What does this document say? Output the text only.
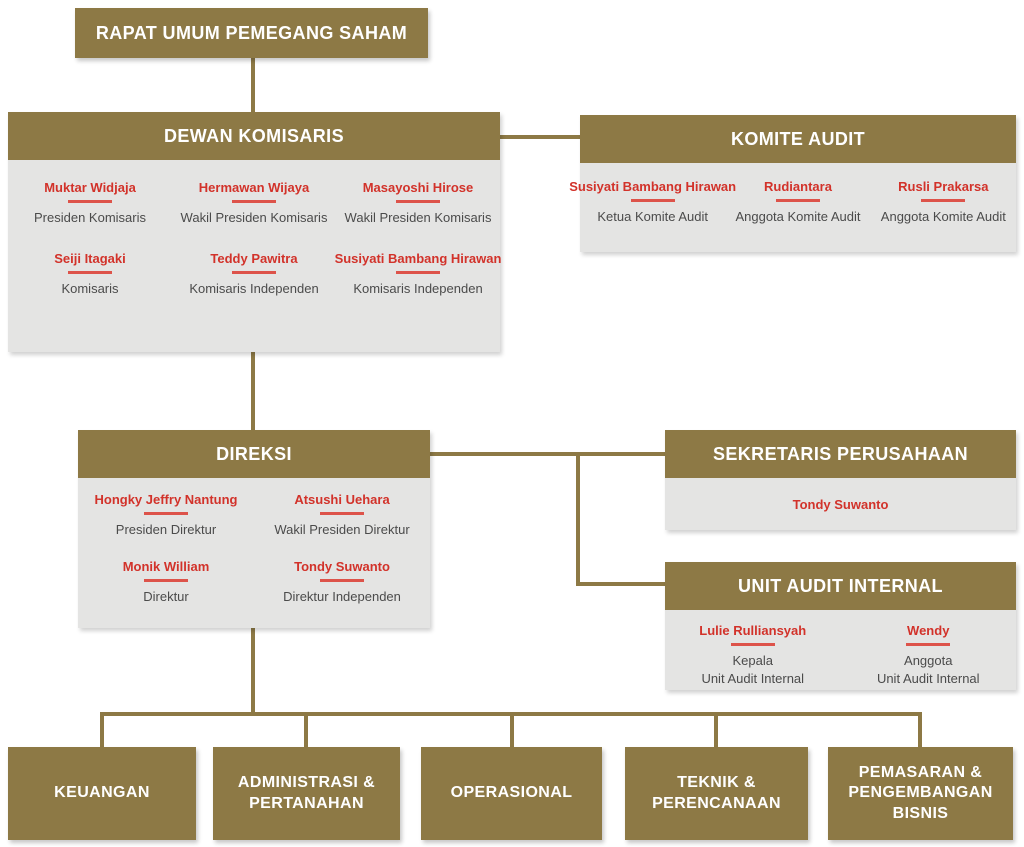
RAPAT UMUM PEMEGANG SAHAM
DEWAN KOMISARIS
Muktar Widjaja
Presiden Komisaris
Hermawan Wijaya
Wakil Presiden Komisaris
Masayoshi Hirose
Wakil Presiden Komisaris
Seiji Itagaki
Komisaris
Teddy Pawitra
Komisaris Independen
Susiyati Bambang Hirawan
Komisaris Independen
KOMITE AUDIT
Susiyati Bambang Hirawan
Ketua Komite Audit
Rudiantara
Anggota Komite Audit
Rusli Prakarsa
Anggota Komite Audit
DIREKSI
Hongky Jeffry Nantung
Presiden Direktur
Atsushi Uehara
Wakil Presiden Direktur
Monik William
Direktur
Tondy Suwanto
Direktur Independen
SEKRETARIS PERUSAHAAN
Tondy Suwanto
UNIT AUDIT INTERNAL
Lulie Rulliansyah
Kepala
Unit Audit Internal
Wendy
Anggota
Unit Audit Internal
KEUANGAN
ADMINISTRASI & PERTANAHAN
OPERASIONAL
TEKNIK & PERENCANAAN
PEMASARAN & PENGEMBANGAN BISNIS
